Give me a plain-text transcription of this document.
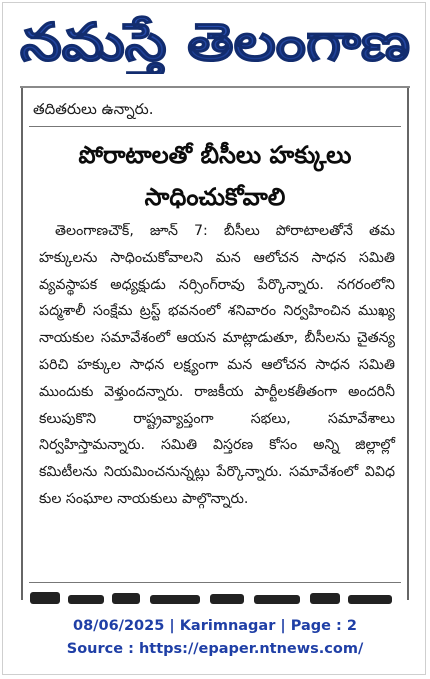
నమస్తే తెలంగాణ
తదితరులు ఉన్నారు.
పోరాటాలతో బీసీలు హక్కులు
సాధించుకోవాలి
తెలంగాణచౌక్‌, జూన్‌ 7: బీసీలు పోరాటాలతోనే తమ హక్కులను సాధించుకోవాలని మన ఆలోచన సాధన సమితి వ్యవస్థాపక అధ్యక్షుడు నర్సింగ్‌రావు పేర్కొన్నారు. నగరంలోని పద్మశాలీ సంక్షేమ ట్రస్ట్‌ భవనంలో శనివారం నిర్వహించిన ముఖ్య నాయకుల సమావేశంలో ఆయన మాట్లాడుతూ, బీసీలను చైతన్య పరిచి హక్కుల సాధన లక్ష్యంగా మన ఆలోచన సాధన సమితి ముందుకు వెళ్తుందన్నారు. రాజకీయ పార్టీలకతీతంగా అందరినీ కలుపుకొని రాష్ట్రవ్యాప్తంగా సభలు, సమావేశాలు నిర్వహిస్తామన్నారు. సమితి విస్తరణ కోసం అన్ని జిల్లాల్లో కమిటీలను నియమించనున్నట్లు పేర్కొన్నారు. సమావేశంలో వివిధ కుల సంఘాల నాయకులు పాల్గొన్నారు.
08/06/2025 | Karimnagar | Page : 2
Source : https://epaper.ntnews.com/
